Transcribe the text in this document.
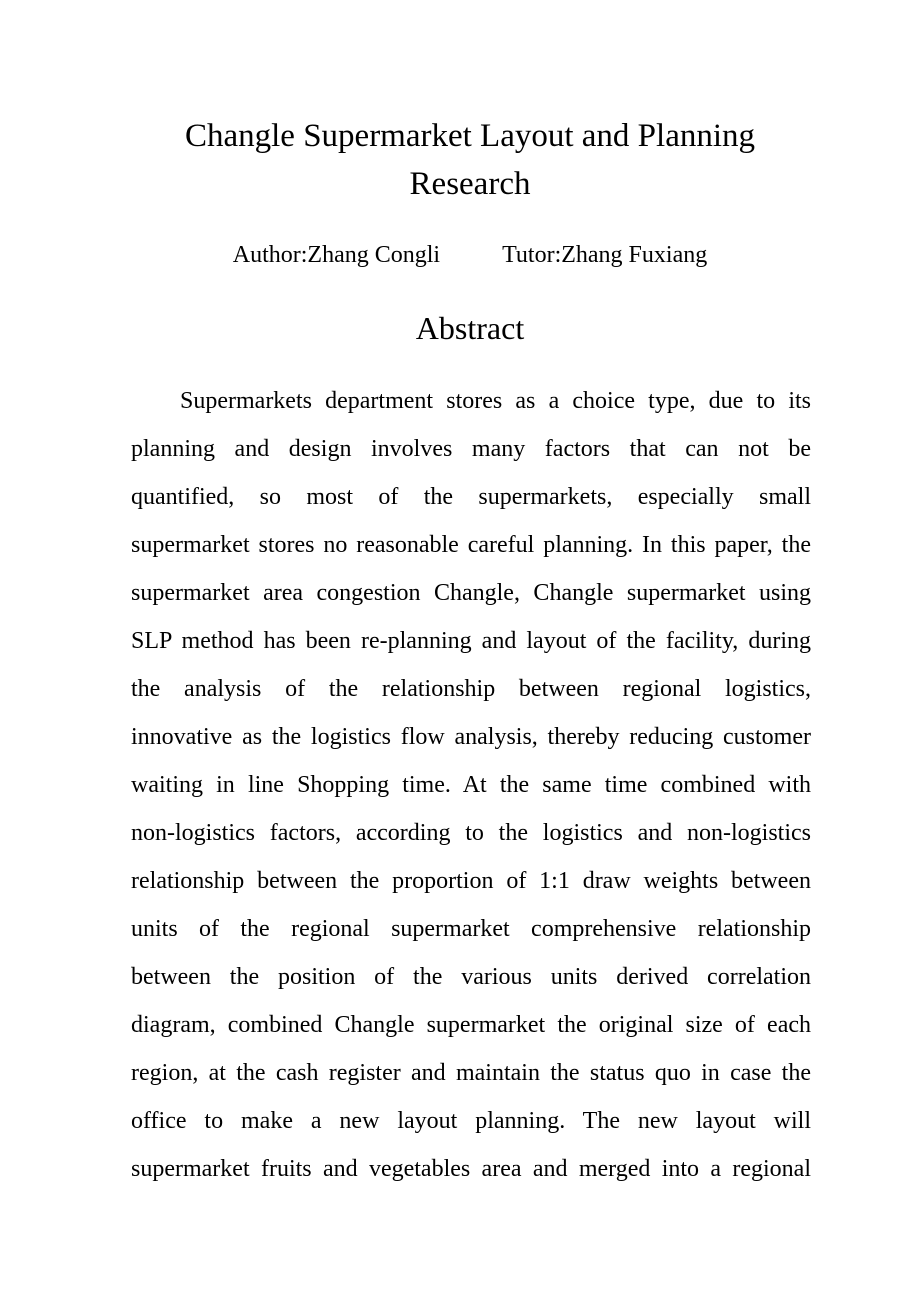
Changle Supermarket Layout and Planning
Research

Author:Zhang Congli	Tutor:Zhang Fuxiang

Abstract
Supermarkets department stores as a choice type, due to its
planning and design involves many factors that can not be
quantified, so most of the supermarkets, especially small
supermarket stores no reasonable careful planning. In this paper, the
supermarket area congestion Changle, Changle supermarket using
SLP method has been re-planning and layout of the facility, during
the analysis of the relationship between regional logistics,
innovative as the logistics flow analysis, thereby reducing customer
waiting in line Shopping time. At the same time combined with
non-logistics factors, according to the logistics and non-logistics
relationship between the proportion of 1:1 draw weights between
units of the regional supermarket comprehensive relationship
between the position of the various units derived correlation
diagram, combined Changle supermarket the original size of each
region, at the cash register and maintain the status quo in case the
office to make a new layout planning. The new layout will
supermarket fruits and vegetables area and merged into a regional
